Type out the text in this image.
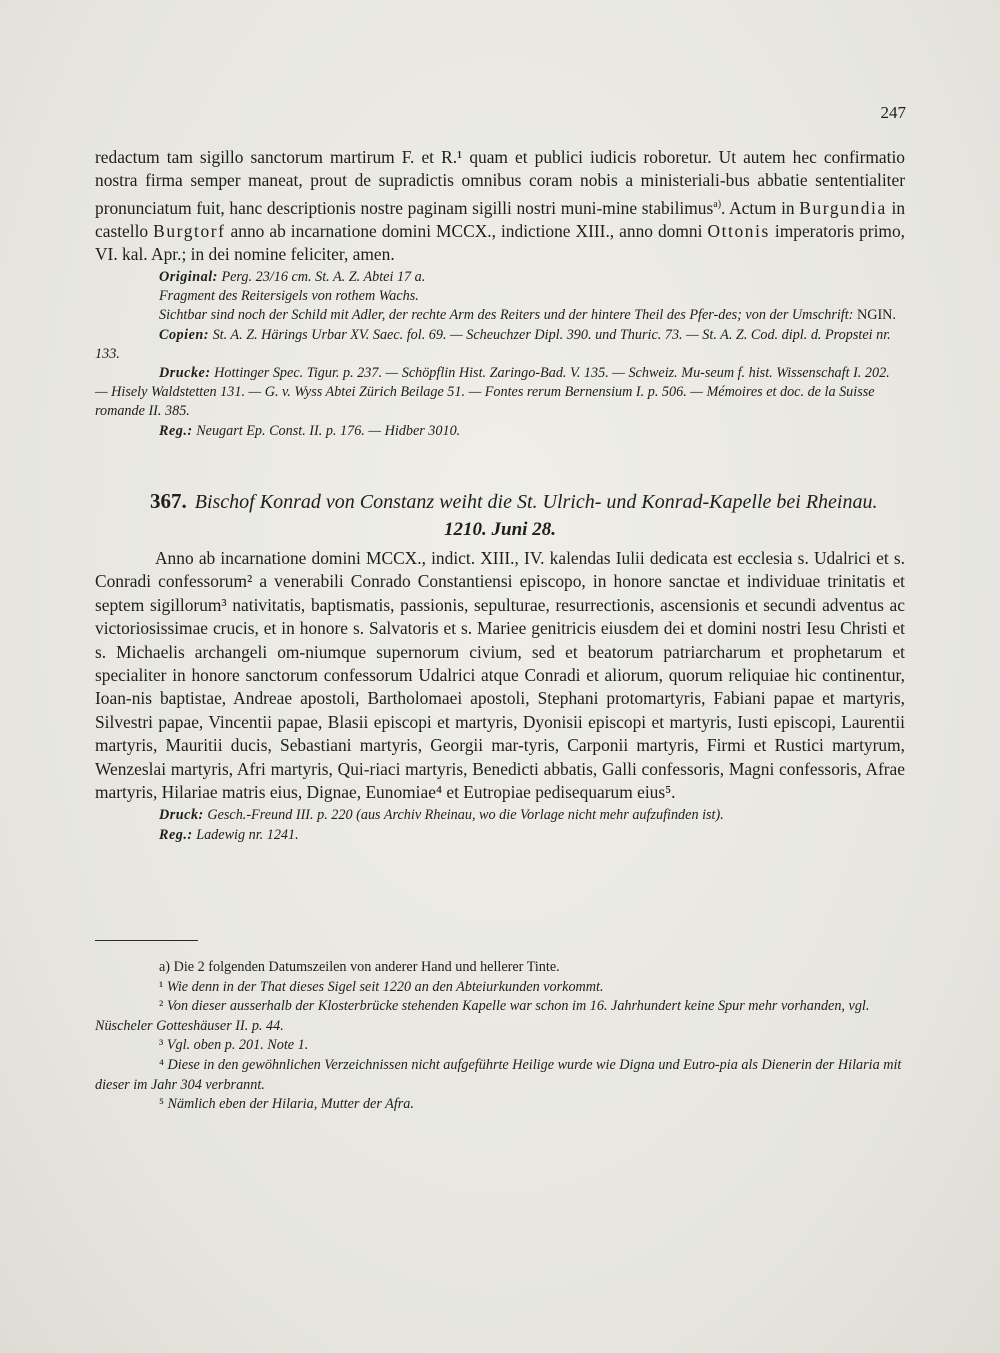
247

redactum tam sigillo sanctorum martirum F. et R.¹ quam et publici iudicis roboretur. Ut autem hec confirmatio nostra firma semper maneat, prout de supradictis omnibus coram nobis a ministeriali-bus abbatie sententialiter pronunciatum fuit, hanc descriptionis nostre paginam sigilli nostri muni-mine stabilimus$^{a)}$. Actum in Burgundia in castello Burgtorf anno ab incarnatione domini MCCX., indictione XIII., anno domni Ottonis imperatoris primo, VI. kal. Apr.; in dei nomine feliciter, amen.

Original: Perg. 23/16 cm. St. A. Z. Abtei 17 a.

Fragment des Reitersigels von rothem Wachs.

Sichtbar sind noch der Schild mit Adler, der rechte Arm des Reiters und der hintere Theil des Pfer-des; von der Umschrift: NGIN.

Copien: St. A. Z. Härings Urbar XV. Saec. fol. 69. — Scheuchzer Dipl. 390. und Thuric. 73. — St. A. Z. Cod. dipl. d. Propstei nr. 133.

Drucke: Hottinger Spec. Tigur. p. 237. — Schöpflin Hist. Zaringo-Bad. V. 135. — Schweiz. Mu-seum f. hist. Wissenschaft I. 202. — Hisely Waldstetten 131. — G. v. Wyss Abtei Zürich Beilage 51. — Fontes rerum Bernensium I. p. 506. — Mémoires et doc. de la Suisse romande II. 385.

Reg.: Neugart Ep. Const. II. p. 176. — Hidber 3010.

367. Bischof Konrad von Constanz weiht die St. Ulrich- und Konrad-Kapelle bei Rheinau.

1210. Juni 28.

Anno ab incarnatione domini MCCX., indict. XIII., IV. kalendas Iulii dedicata est ecclesia s. Udalrici et s. Conradi confessorum² a venerabili Conrado Constantiensi episcopo, in honore sanctae et individuae trinitatis et septem sigillorum³ nativitatis, baptismatis, passionis, sepulturae, resurrectionis, ascensionis et secundi adventus ac victoriosissimae crucis, et in honore s. Salvatoris et s. Mariee genitricis eiusdem dei et domini nostri Iesu Christi et s. Michaelis archangeli om-niumque supernorum civium, sed et beatorum patriarcharum et prophetarum et specialiter in honore sanctorum confessorum Udalrici atque Conradi et aliorum, quorum reliquiae hic continentur, Ioan-nis baptistae, Andreae apostoli, Bartholomaei apostoli, Stephani protomartyris, Fabiani papae et martyris, Silvestri papae, Vincentii papae, Blasii episcopi et martyris, Dyonisii episcopi et martyris, Iusti episcopi, Laurentii martyris, Mauritii ducis, Sebastiani martyris, Georgii mar-tyris, Carponii martyris, Firmi et Rustici martyrum, Wenzeslai martyris, Afri martyris, Qui-riaci martyris, Benedicti abbatis, Galli confessoris, Magni confessoris, Afrae martyris, Hilariae matris eius, Dignae, Eunomiae⁴ et Eutropiae pedisequarum eius⁵.

Druck: Gesch.-Freund III. p. 220 (aus Archiv Rheinau, wo die Vorlage nicht mehr aufzufinden ist).

Reg.: Ladewig nr. 1241.

a) Die 2 folgenden Datumszeilen von anderer Hand und hellerer Tinte.

¹ Wie denn in der That dieses Sigel seit 1220 an den Abteiurkunden vorkommt.

² Von dieser ausserhalb der Klosterbrücke stehenden Kapelle war schon im 16. Jahrhundert keine Spur mehr vorhanden, vgl. Nüscheler Gotteshäuser II. p. 44.

³ Vgl. oben p. 201. Note 1.

⁴ Diese in den gewöhnlichen Verzeichnissen nicht aufgeführte Heilige wurde wie Digna und Eutro-pia als Dienerin der Hilaria mit dieser im Jahr 304 verbrannt.

⁵ Nämlich eben der Hilaria, Mutter der Afra.
